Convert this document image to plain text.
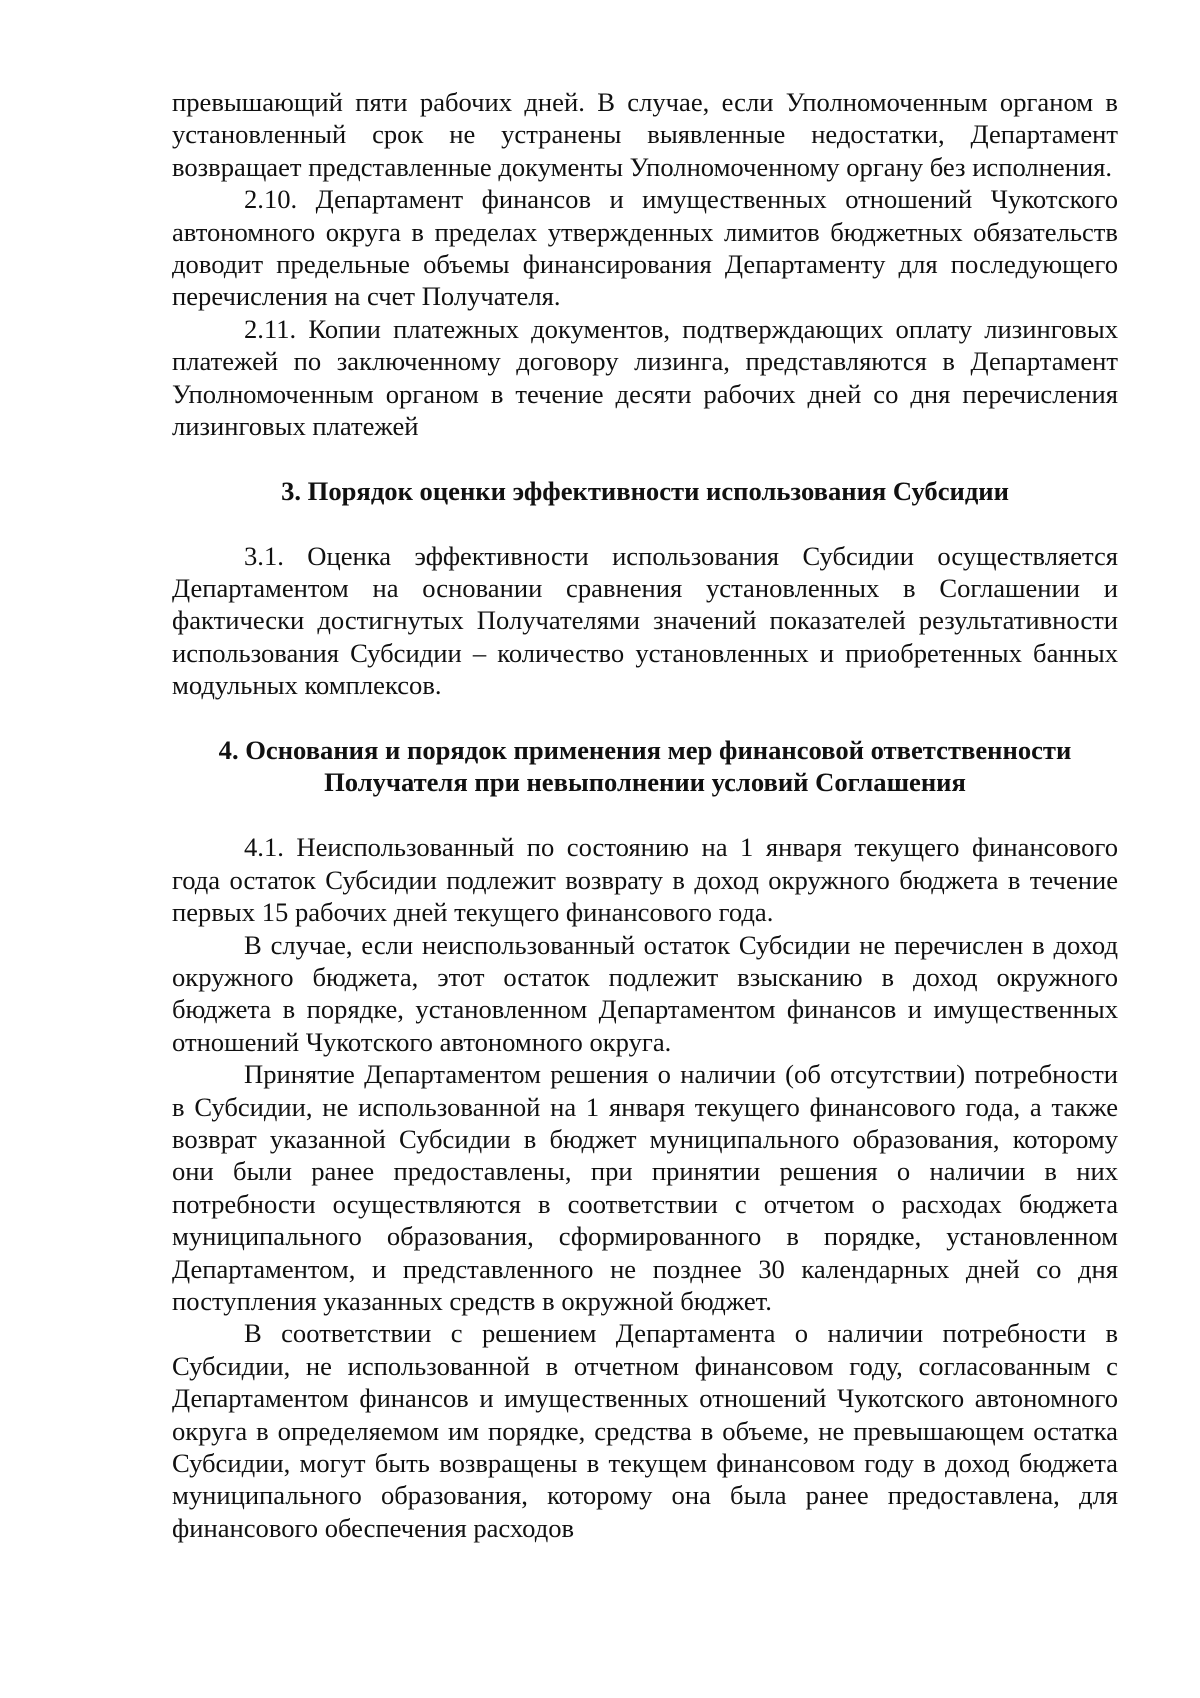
превышающий пяти рабочих дней. В случае, если Уполномоченным органом в установленный срок не устранены выявленные недостатки, Департамент возвращает представленные документы Уполномоченному органу без исполнения.

2.10. Департамент финансов и имущественных отношений Чукотского автономного округа в пределах утвержденных лимитов бюджетных обязательств доводит предельные объемы финансирования Департаменту для последующего перечисления на счет Получателя.

2.11. Копии платежных документов, подтверждающих оплату лизинговых платежей по заключенному договору лизинга, представляются в Департамент Уполномоченным органом в течение десяти рабочих дней со дня перечисления лизинговых платежей

3. Порядок оценки эффективности использования Субсидии

3.1. Оценка эффективности использования Субсидии осуществляется Департаментом на основании сравнения установленных в Соглашении и фактически достигнутых Получателями значений показателей результативности использования Субсидии – количество установленных и приобретенных банных модульных комплексов.

4. Основания и порядок применения мер финансовой ответственности

Получателя при невыполнении условий Соглашения

4.1. Неиспользованный по состоянию на 1 января текущего финансового года остаток Субсидии подлежит возврату в доход окружного бюджета в течение первых 15 рабочих дней текущего финансового года.

В случае, если неиспользованный остаток Субсидии не перечислен в доход окружного бюджета, этот остаток подлежит взысканию в доход окружного бюджета в порядке, установленном Департаментом финансов и имущественных отношений Чукотского автономного округа.

Принятие Департаментом решения о наличии (об отсутствии) потребности в Субсидии, не использованной на 1 января текущего финансового года, а также возврат указанной Субсидии в бюджет муниципального образования, которому они были ранее предоставлены, при принятии решения о наличии в них потребности осуществляются в соответствии с отчетом о расходах бюджета муниципального образования, сформированного в порядке, установленном Департаментом, и представленного не позднее 30 календарных дней со дня поступления указанных средств в окружной бюджет.

В соответствии с решением Департамента о наличии потребности в Субсидии, не использованной в отчетном финансовом году, согласованным с Департаментом финансов и имущественных отношений Чукотского автономного округа в определяемом им порядке, средства в объеме, не превышающем остатка Субсидии, могут быть возвращены в текущем финансовом году в доход бюджета муниципального образования, которому она была ранее предоставлена, для финансового обеспечения расходов
